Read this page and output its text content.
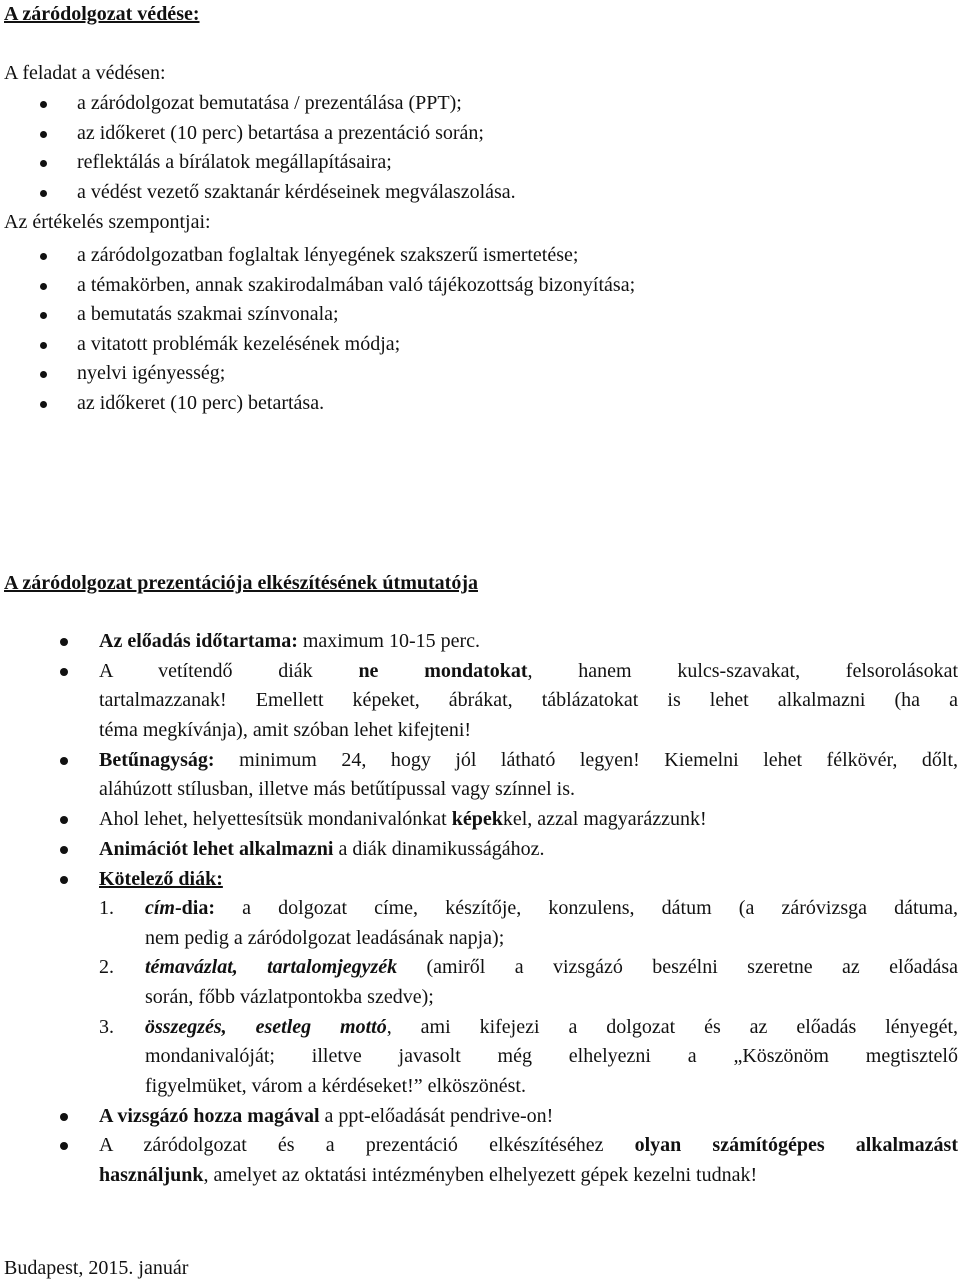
A záródolgozat védése:

A feladat a védésen:

a záródolgozat bemutatása / prezentálása (PPT);
az időkeret (10 perc) betartása a prezentáció során;
reflektálás a bírálatok megállapításaira;
a védést vezető szaktanár kérdéseinek megválaszolása.

Az értékelés szempontjai:

a záródolgozatban foglaltak lényegének szakszerű ismertetése;
a témakörben, annak szakirodalmában való tájékozottság bizonyítása;
a bemutatás szakmai színvonala;
a vitatott problémák kezelésének módja;
nyelvi igényesség;
az időkeret (10 perc) betartása.
A záródolgozat prezentációja elkészítésének útmutatója
Az előadás időtartama: maximum 10-15 perc.
A vetítendő diák ne mondatokat, hanem kulcs-szavakat, felsorolásokat
tartalmazzanak! Emellett képeket, ábrákat, táblázatokat is lehet alkalmazni (ha a
téma megkívánja), amit szóban lehet kifejteni!
Betűnagyság: minimum 24, hogy jól látható legyen! Kiemelni lehet félkövér, dőlt,
aláhúzott stílusban, illetve más betűtípussal vagy színnel is.
Ahol lehet, helyettesítsük mondanivalónkat képekkel, azzal magyarázzunk!
Animációt lehet alkalmazni a diák dinamikusságához.
Kötelező diák:
1. cím-dia: a dolgozat címe, készítője, konzulens, dátum (a záróvizsga dátuma,
nem pedig a záródolgozat leadásának napja);
2. témavázlat, tartalomjegyzék (amiről a vizsgázó beszélni szeretne az előadása
során, főbb vázlatpontokba szedve);
3. összegzés, esetleg mottó, ami kifejezi a dolgozat és az előadás lényegét,
mondanivalóját; illetve javasolt még elhelyezni a „Köszönöm megtisztelő
figyelmüket, várom a kérdéseket!” elköszönést.
A vizsgázó hozza magával a ppt-előadását pendrive-on!
A záródolgozat és a prezentáció elkészítéséhez olyan számítógépes alkalmazást
használjunk, amelyet az oktatási intézményben elhelyezett gépek kezelni tudnak!

Budapest, 2015. január
